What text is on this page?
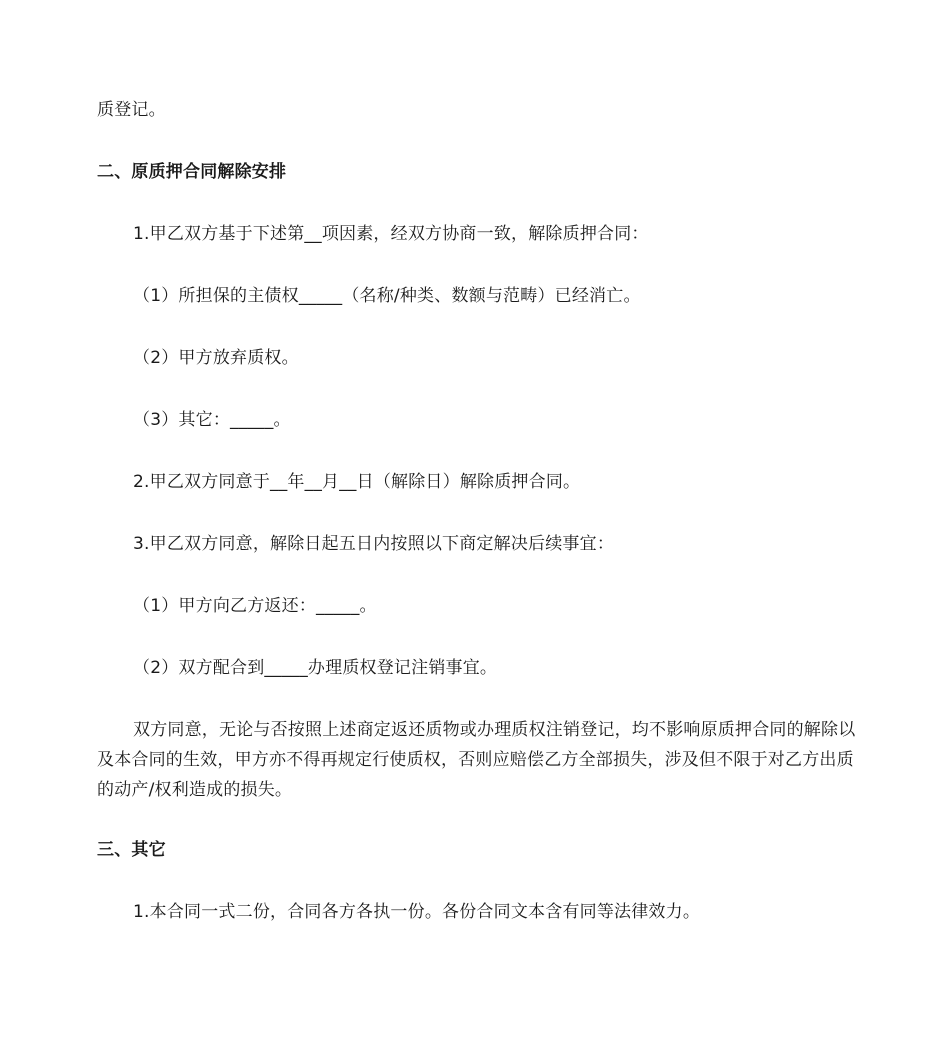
质登记。
二、原质押合同解除安排
1.甲乙双方基于下述第__项因素，经双方协商一致，解除质押合同：
（1）所担保的主债权_____（名称/种类、数额与范畴）已经消亡。
（2）甲方放弃质权。
（3）其它：_____。
2.甲乙双方同意于__年__月__日（解除日）解除质押合同。
3.甲乙双方同意，解除日起五日内按照以下商定解决后续事宜：
（1）甲方向乙方返还：_____。
（2）双方配合到_____办理质权登记注销事宜。
双方同意，无论与否按照上述商定返还质物或办理质权注销登记，均不影响原质押合同的解除以及本合同的生效，甲方亦不得再规定行使质权，否则应赔偿乙方全部损失，涉及但不限于对乙方出质的动产/权利造成的损失。
三、其它
1.本合同一式二份，合同各方各执一份。各份合同文本含有同等法律效力。
